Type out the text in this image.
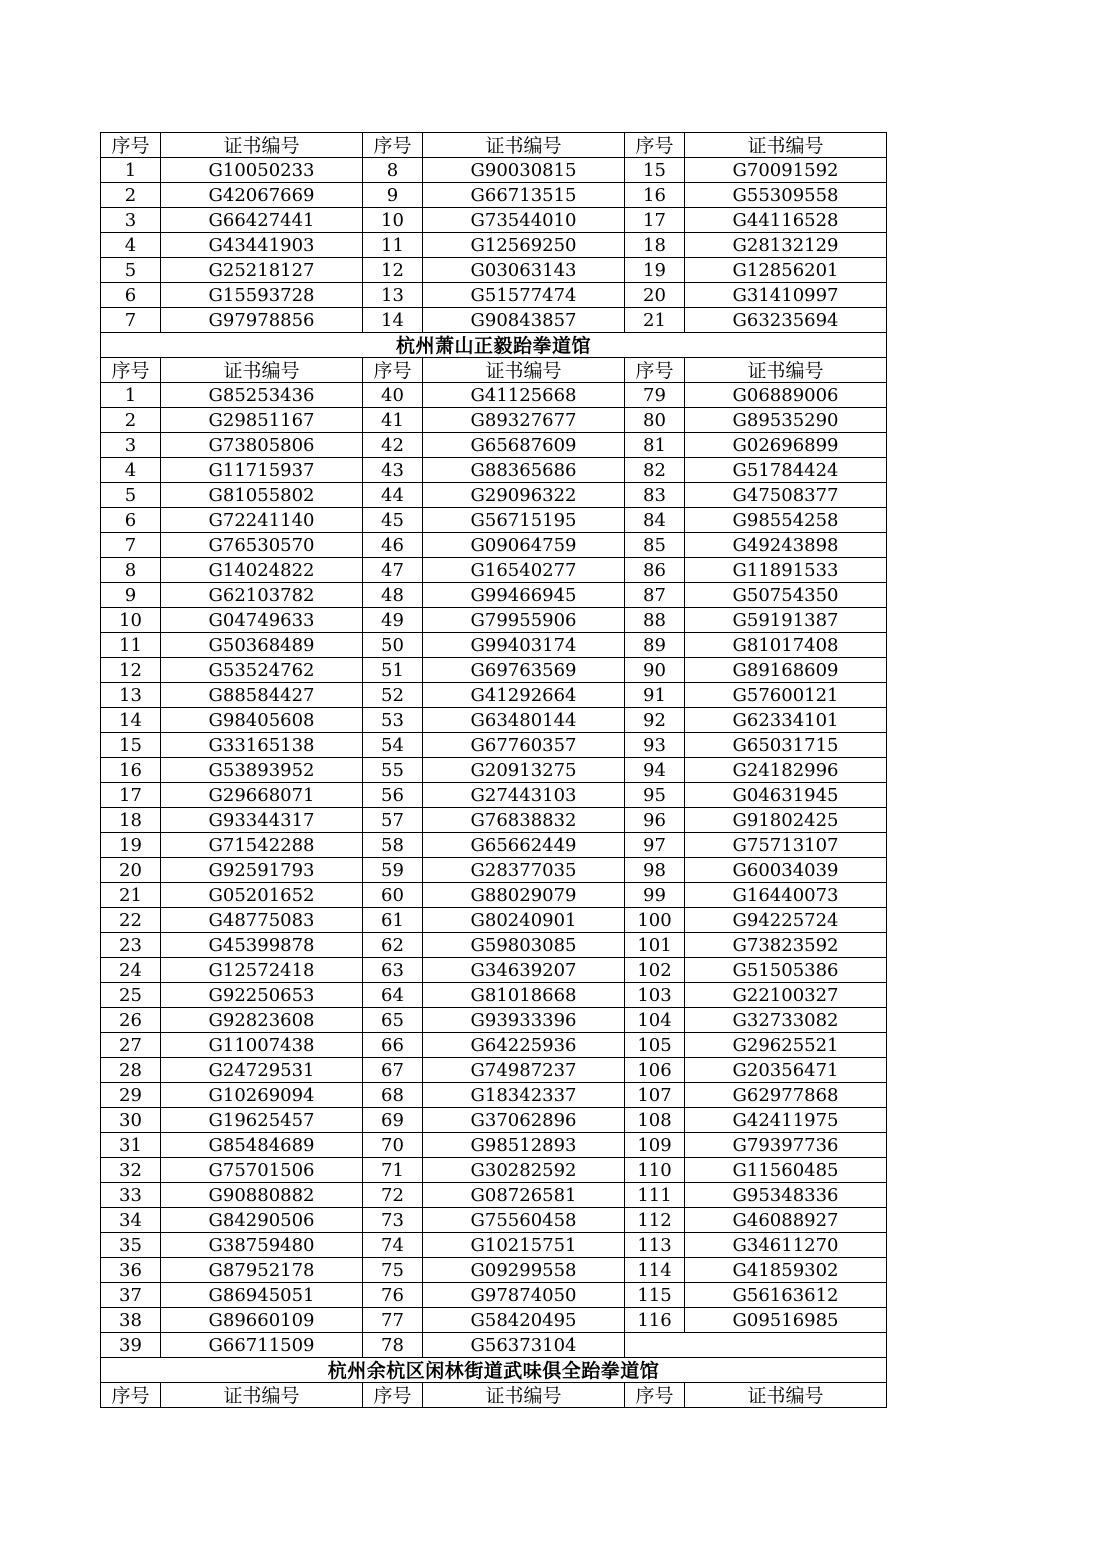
序号	证书编号	序号	证书编号	序号	证书编号
1	G10050233	8	G90030815	15	G70091592
2	G42067669	9	G66713515	16	G55309558
3	G66427441	10	G73544010	17	G44116528
4	G43441903	11	G12569250	18	G28132129
5	G25218127	12	G03063143	19	G12856201
6	G15593728	13	G51577474	20	G31410997
7	G97978856	14	G90843857	21	G63235694
杭州萧山正毅跆拳道馆					
序号	证书编号	序号	证书编号	序号	证书编号
1	G85253436	40	G41125668	79	G06889006
2	G29851167	41	G89327677	80	G89535290
3	G73805806	42	G65687609	81	G02696899
4	G11715937	43	G88365686	82	G51784424
5	G81055802	44	G29096322	83	G47508377
6	G72241140	45	G56715195	84	G98554258
7	G76530570	46	G09064759	85	G49243898
8	G14024822	47	G16540277	86	G11891533
9	G62103782	48	G99466945	87	G50754350
10	G04749633	49	G79955906	88	G59191387
11	G50368489	50	G99403174	89	G81017408
12	G53524762	51	G69763569	90	G89168609
13	G88584427	52	G41292664	91	G57600121
14	G98405608	53	G63480144	92	G62334101
15	G33165138	54	G67760357	93	G65031715
16	G53893952	55	G20913275	94	G24182996
17	G29668071	56	G27443103	95	G04631945
18	G93344317	57	G76838832	96	G91802425
19	G71542288	58	G65662449	97	G75713107
20	G92591793	59	G28377035	98	G60034039
21	G05201652	60	G88029079	99	G16440073
22	G48775083	61	G80240901	100	G94225724
23	G45399878	62	G59803085	101	G73823592
24	G12572418	63	G34639207	102	G51505386
25	G92250653	64	G81018668	103	G22100327
26	G92823608	65	G93933396	104	G32733082
27	G11007438	66	G64225936	105	G29625521
28	G24729531	67	G74987237	106	G20356471
29	G10269094	68	G18342337	107	G62977868
30	G19625457	69	G37062896	108	G42411975
31	G85484689	70	G98512893	109	G79397736
32	G75701506	71	G30282592	110	G11560485
33	G90880882	72	G08726581	111	G95348336
34	G84290506	73	G75560458	112	G46088927
35	G38759480	74	G10215751	113	G34611270
36	G87952178	75	G09299558	114	G41859302
37	G86945051	76	G97874050	115	G56163612
38	G89660109	77	G58420495	116	G09516985
39	G66711509	78	G56373104		
杭州余杭区闲林街道武味俱全跆拳道馆					
序号	证书编号	序号	证书编号	序号	证书编号
